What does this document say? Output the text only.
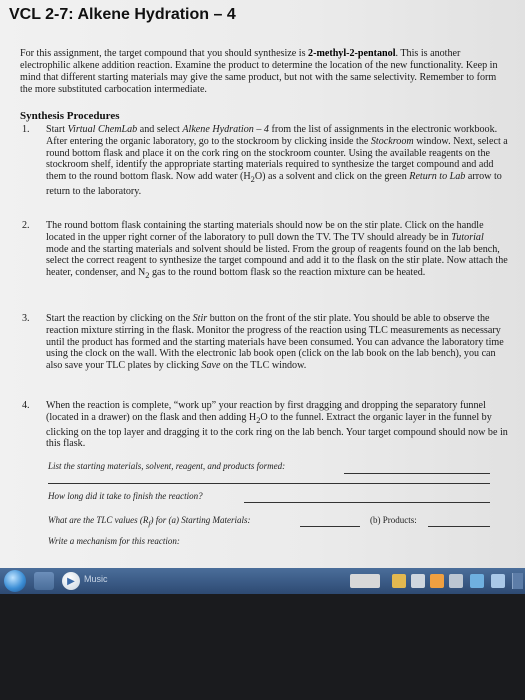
VCL 2-7: Alkene Hydration – 4

For this assignment, the target compound that you should synthesize is 2-methyl-2-pentanol. This is another electrophilic alkene addition reaction. Examine the product to determine the location of the new functionality. Keep in mind that different starting materials may give the same product, but not with the same selectivity. Remember to form the more substituted carbocation intermediate.

Synthesis Procedures
1.	Start Virtual ChemLab and select Alkene Hydration – 4 from the list of assignments in the electronic workbook. After entering the organic laboratory, go to the stockroom by clicking inside the Stockroom window. Next, select a round bottom flask and place it on the cork ring on the stockroom counter. Using the available reagents on the stockroom shelf, identify the appropriate starting materials required to synthesize the target compound and add them to the round bottom flask. Now add water $(H_2O)$ as a solvent and click on the green Return to Lab arrow to return to the laboratory.
2.	The round bottom flask containing the starting materials should now be on the stir plate. Click on the handle located in the upper right corner of the laboratory to pull down the TV. The TV should already be in Tutorial mode and the starting materials and solvent should be listed. From the group of reagents found on the lab bench, select the correct reagent to synthesize the target compound and add it to the flask on the stir plate. Now attach the heater, condenser, and $N_2$ gas to the round bottom flask so the reaction mixture can be heated.
3.	Start the reaction by clicking on the Stir button on the front of the stir plate. You should be able to observe the reaction mixture stirring in the flask. Monitor the progress of the reaction using TLC measurements as necessary until the product has formed and the starting materials have been consumed. You can advance the laboratory time using the clock on the wall. With the electronic lab book open (click on the lab book on the lab bench), you can also save your TLC plates by clicking Save on the TLC window.
4.	When the reaction is complete, “work up” your reaction by first dragging and dropping the separatory funnel (located in a drawer) on the flask and then adding $H_2O$ to the funnel. Extract the organic layer in the funnel by clicking on the top layer and dragging it to the cork ring on the lab bench. Your target compound should now be in this flask.
List the starting materials, solvent, reagent, and products formed:
How long did it take to finish the reaction?
What are the TLC values $(R_f)$ for (a) Starting Materials:	(b) Products:
Write a mechanism for this reaction:
▶	Music
